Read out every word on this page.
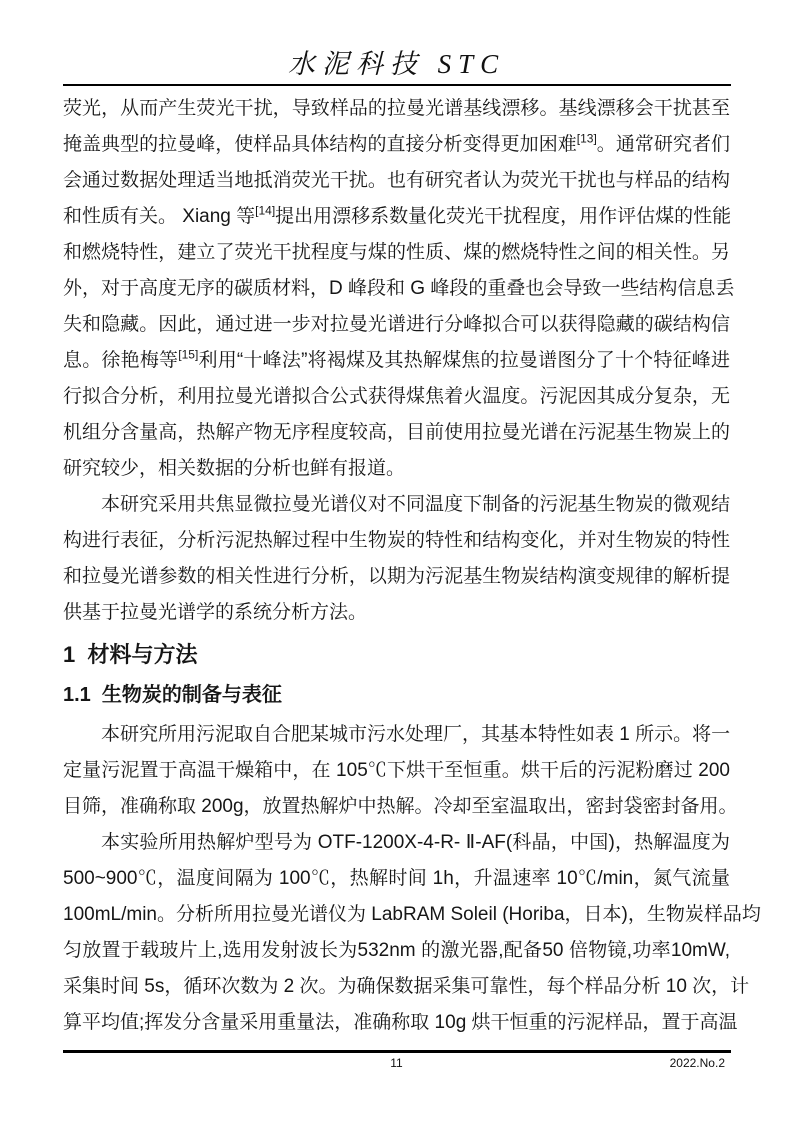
水泥科技 STC
荧光，从而产生荧光干扰，导致样品的拉曼光谱基线漂移。基线漂移会干扰甚至
掩盖典型的拉曼峰，使样品具体结构的直接分析变得更加困难[13]。通常研究者们
会通过数据处理适当地抵消荧光干扰。也有研究者认为荧光干扰也与样品的结构
和性质有关。 Xiang 等[14]提出用漂移系数量化荧光干扰程度，用作评估煤的性能
和燃烧特性，建立了荧光干扰程度与煤的性质、煤的燃烧特性之间的相关性。另
外，对于高度无序的碳质材料，D 峰段和 G 峰段的重叠也会导致一些结构信息丢
失和隐藏。因此，通过进一步对拉曼光谱进行分峰拟合可以获得隐藏的碳结构信
息。徐艳梅等[15]利用“十峰法”将褐煤及其热解煤焦的拉曼谱图分了十个特征峰进
行拟合分析，利用拉曼光谱拟合公式获得煤焦着火温度。污泥因其成分复杂，无
机组分含量高，热解产物无序程度较高，目前使用拉曼光谱在污泥基生物炭上的
研究较少，相关数据的分析也鲜有报道。
本研究采用共焦显微拉曼光谱仪对不同温度下制备的污泥基生物炭的微观结
构进行表征，分析污泥热解过程中生物炭的特性和结构变化，并对生物炭的特性
和拉曼光谱参数的相关性进行分析，以期为污泥基生物炭结构演变规律的解析提
供基于拉曼光谱学的系统分析方法。
1  材料与方法
1.1  生物炭的制备与表征
本研究所用污泥取自合肥某城市污水处理厂，其基本特性如表 1 所示。将一
定量污泥置于高温干燥箱中，在 105℃下烘干至恒重。烘干后的污泥粉磨过 200
目筛，准确称取 200g，放置热解炉中热解。冷却至室温取出，密封袋密封备用。
本实验所用热解炉型号为 OTF-1200X-4-R- Ⅱ-AF(科晶，中国)，热解温度为
500~900℃，温度间隔为 100℃，热解时间 1h，升温速率 10℃/min，氮气流量
100mL/min。分析所用拉曼光谱仪为 LabRAM Soleil (Horiba，日本)，生物炭样品均
匀放置于载玻片上,选用发射波长为532nm 的激光器,配备50 倍物镜,功率10mW,
采集时间 5s，循环次数为 2 次。为确保数据采集可靠性，每个样品分析 10 次，计
算平均值;挥发分含量采用重量法，准确称取 10g 烘干恒重的污泥样品，置于高温
11	2022.No.2
